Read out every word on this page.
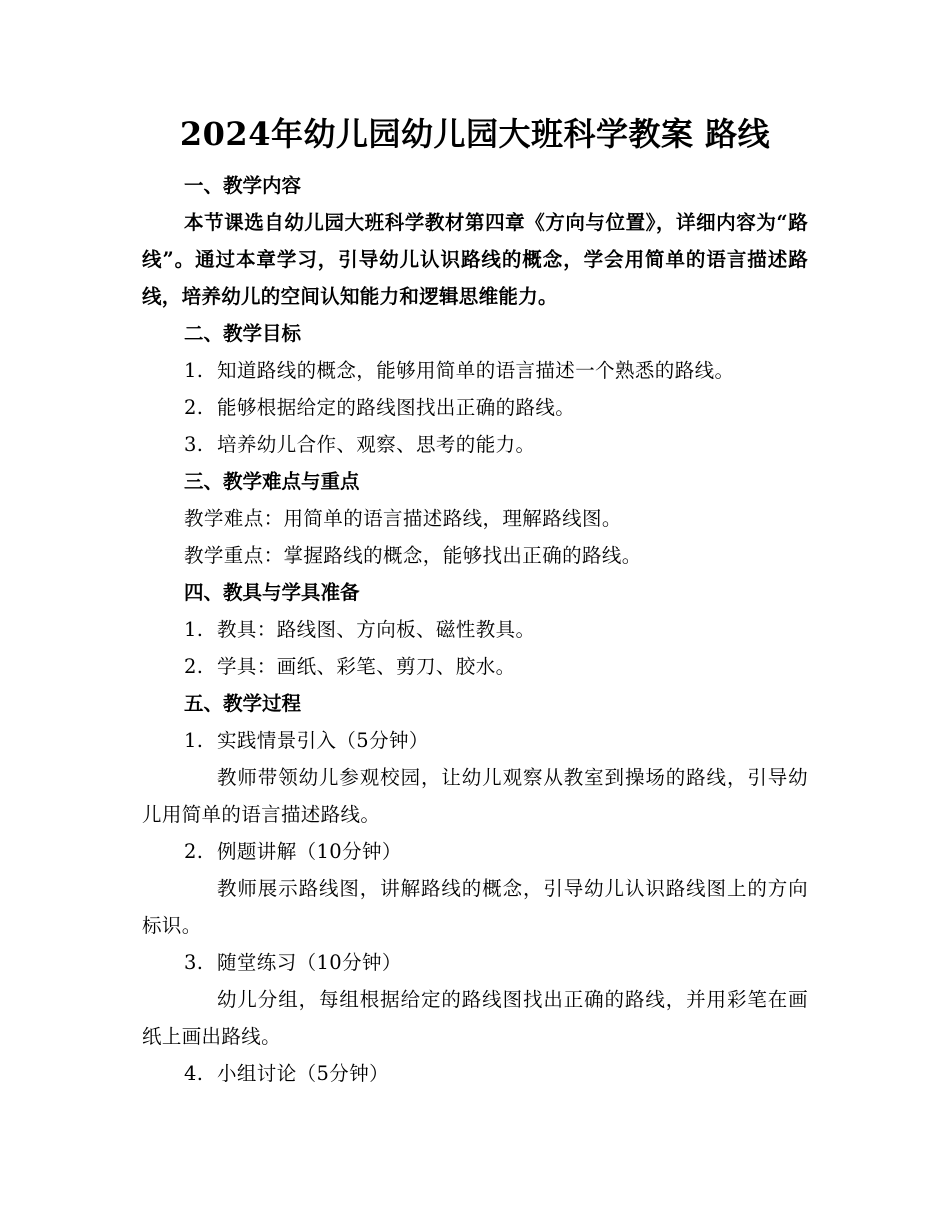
2024年幼儿园幼儿园大班科学教案 路线
一、教学内容
本节课选自幼儿园大班科学教材第四章《方向与位置》，详细内容为“路线”。通过本章学习，引导幼儿认识路线的概念，学会用简单的语言描述路线，培养幼儿的空间认知能力和逻辑思维能力。
二、教学目标
1. 知道路线的概念，能够用简单的语言描述一个熟悉的路线。
2. 能够根据给定的路线图找出正确的路线。
3. 培养幼儿合作、观察、思考的能力。
三、教学难点与重点
教学难点：用简单的语言描述路线，理解路线图。
教学重点：掌握路线的概念，能够找出正确的路线。
四、教具与学具准备
1. 教具：路线图、方向板、磁性教具。
2. 学具：画纸、彩笔、剪刀、胶水。
五、教学过程
1. 实践情景引入（5分钟）
教师带领幼儿参观校园，让幼儿观察从教室到操场的路线，引导幼儿用简单的语言描述路线。
2. 例题讲解（10分钟）
教师展示路线图，讲解路线的概念，引导幼儿认识路线图上的方向标识。
3. 随堂练习（10分钟）
幼儿分组，每组根据给定的路线图找出正确的路线，并用彩笔在画纸上画出路线。
4. 小组讨论（5分钟）
